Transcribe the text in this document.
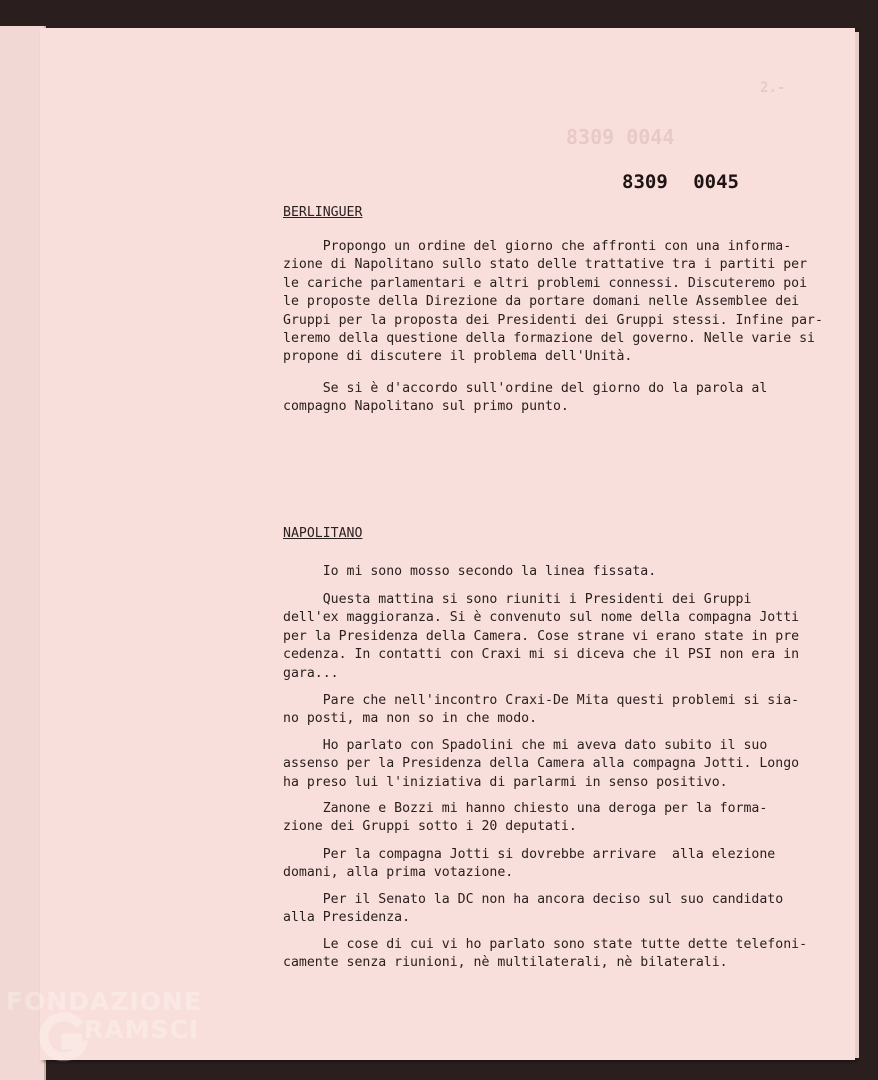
2.-
8309 0044
8309 0045
BERLINGUER
Propongo un ordine del giorno che affronti con una informa-
zione di Napolitano sullo stato delle trattative tra i partiti per
le cariche parlamentari e altri problemi connessi. Discuteremo poi
le proposte della Direzione da portare domani nelle Assemblee dei
Gruppi per la proposta dei Presidenti dei Gruppi stessi. Infine par-
leremo della questione della formazione del governo. Nelle varie si
propone di discutere il problema dell'Unità.
Se si è d'accordo sull'ordine del giorno do la parola al
compagno Napolitano sul primo punto.
NAPOLITANO
Io mi sono mosso secondo la linea fissata.
Questa mattina si sono riuniti i Presidenti dei Gruppi
dell'ex maggioranza. Si è convenuto sul nome della compagna Jotti
per la Presidenza della Camera. Cose strane vi erano state in pre
cedenza. In contatti con Craxi mi si diceva che il PSI non era in
gara...
Pare che nell'incontro Craxi-De Mita questi problemi si sia-
no posti, ma non so in che modo.
Ho parlato con Spadolini che mi aveva dato subito il suo
assenso per la Presidenza della Camera alla compagna Jotti. Longo
ha preso lui l'iniziativa di parlarmi in senso positivo.
Zanone e Bozzi mi hanno chiesto una deroga per la forma-
zione dei Gruppi sotto i 20 deputati.
Per la compagna Jotti si dovrebbe arrivare  alla elezione
domani, alla prima votazione.
Per il Senato la DC non ha ancora deciso sul suo candidato
alla Presidenza.
Le cose di cui vi ho parlato sono state tutte dette telefoni-
camente senza riunioni, nè multilaterali, nè bilaterali.
FONDAZIONE
RAMSCI
